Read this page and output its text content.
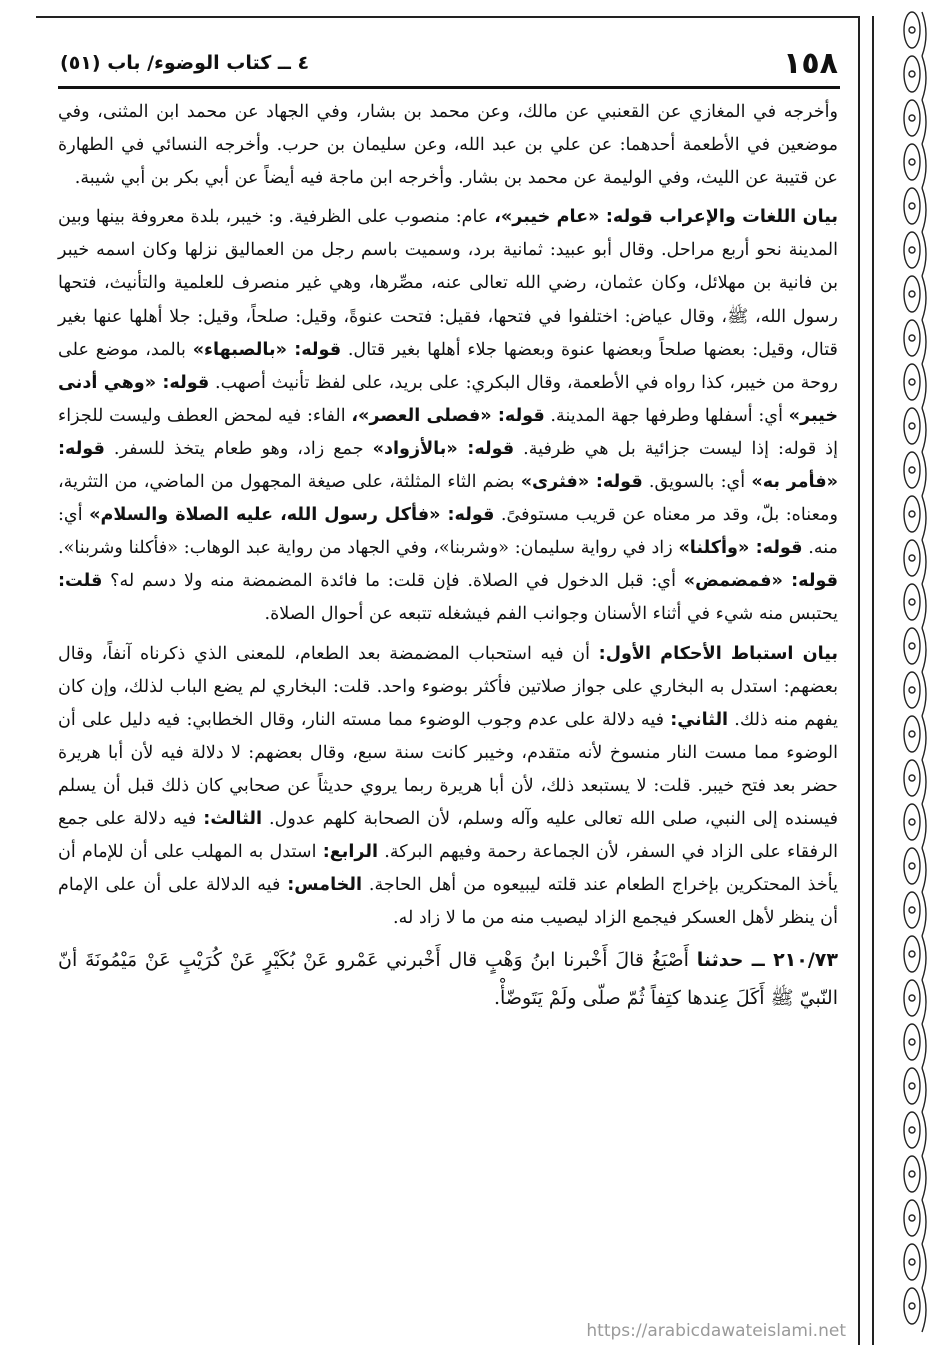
١٥٨
٤ ــ كتاب الوضوء/ باب (٥١)

وأخرجه في المغازي عن القعنبي عن مالك، وعن محمد بن بشار، وفي الجهاد عن محمد ابن المثنى، وفي موضعين في الأطعمة أحدهما: عن علي بن عبد الله، وعن سليمان بن حرب. وأخرجه النسائي في الطهارة عن قتيبة عن الليث، وفي الوليمة عن محمد بن بشار. وأخرجه ابن ماجة فيه أيضاً عن أبي بكر بن أبي شيبة.

بيان اللغات والإعراب قوله: «عام خيبر»، عام: منصوب على الظرفية. و: خيبر، بلدة معروفة بينها وبين المدينة نحو أربع مراحل. وقال أبو عبيد: ثمانية برد، وسميت باسم رجل من العماليق نزلها وكان اسمه خيبر بن فانية بن مهلائل، وكان عثمان، رضي الله تعالى عنه، مصِّرها، وهي غير منصرف للعلمية والتأنيث، فتحها رسول الله، ﷺ، وقال عياض: اختلفوا في فتحها، فقيل: فتحت عنوةً، وقيل: صلحاً، وقيل: جلا أهلها عنها بغير قتال، وقيل: بعضها صلحاً وبعضها عنوة وبعضها جلاء أهلها بغير قتال. قوله: «بالصبهاء» بالمد، موضع على روحة من خيبر، كذا رواه في الأطعمة، وقال البكري: على بريد، على لفظ تأنيث أصهب. قوله: «وهي أدنى خيبر» أي: أسفلها وطرفها جهة المدينة. قوله: «فصلى العصر»، الفاء: فيه لمحض العطف وليست للجزاء إذ قوله: إذا ليست جزائية بل هي ظرفية. قوله: «بالأزواد» جمع زاد، وهو طعام يتخذ للسفر. قوله: «فأمر به» أي: بالسويق. قوله: «فثرى» بضم الثاء المثلثة، على صيغة المجهول من الماضي، من التثرية، ومعناه: بلّ، وقد مر معناه عن قريب مستوفىً. قوله: «فأكل رسول الله، عليه الصلاة والسلام» أي: منه. قوله: «وأكلنا» زاد في رواية سليمان: «وشربنا»، وفي الجهاد من رواية عبد الوهاب: «فأكلنا وشربنا». قوله: «فمضمض» أي: قبل الدخول في الصلاة. فإن قلت: ما فائدة المضمضة منه ولا دسم له؟ قلت: يحتبس منه شيء في أثناء الأسنان وجوانب الفم فيشغله تتبعه عن أحوال الصلاة.

بيان استباط الأحكام الأول: أن فيه استحباب المضمضة بعد الطعام، للمعنى الذي ذكرناه آنفاً، وقال بعضهم: استدل به البخاري على جواز صلاتين فأكثر بوضوء واحد. قلت: البخاري لم يضع الباب لذلك، وإن كان يفهم منه ذلك. الثاني: فيه دلالة على عدم وجوب الوضوء مما مسته النار، وقال الخطابي: فيه دليل على أن الوضوء مما مست النار منسوخ لأنه متقدم، وخيبر كانت سنة سبع، وقال بعضهم: لا دلالة فيه لأن أبا هريرة حضر بعد فتح خيبر. قلت: لا يستبعد ذلك، لأن أبا هريرة ربما يروي حديثاً عن صحابي كان ذلك قبل أن يسلم فيسنده إلى النبي، صلى الله تعالى عليه وآله وسلم، لأن الصحابة كلهم عدول. الثالث: فيه دلالة على جمع الرفقاء على الزاد في السفر، لأن الجماعة رحمة وفيهم البركة. الرابع: استدل به المهلب على أن للإمام أن يأخذ المحتكرين بإخراج الطعام عند قلته ليبيعوه من أهل الحاجة. الخامس: فيه الدلالة على أن على الإمام أن ينظر لأهل العسكر فيجمع الزاد ليصيب منه من ما لا زاد له.

٢١٠/٧٣ ــ حدثنا أَصْبَغُ قالَ أَخْبرنا ابنُ وَهْبٍ قال أَخْبرني عَمْرو عَنْ بُكَيْرٍ عَنْ كُرَيْبٍ عَنْ مَيْمُونَةَ أنّ النّبيّ ﷺ أَكَلَ عِندها كتِفاً ثُمّ صلّى ولَمْ يَتَوضّأْ.

https://arabicdawateislami.net
